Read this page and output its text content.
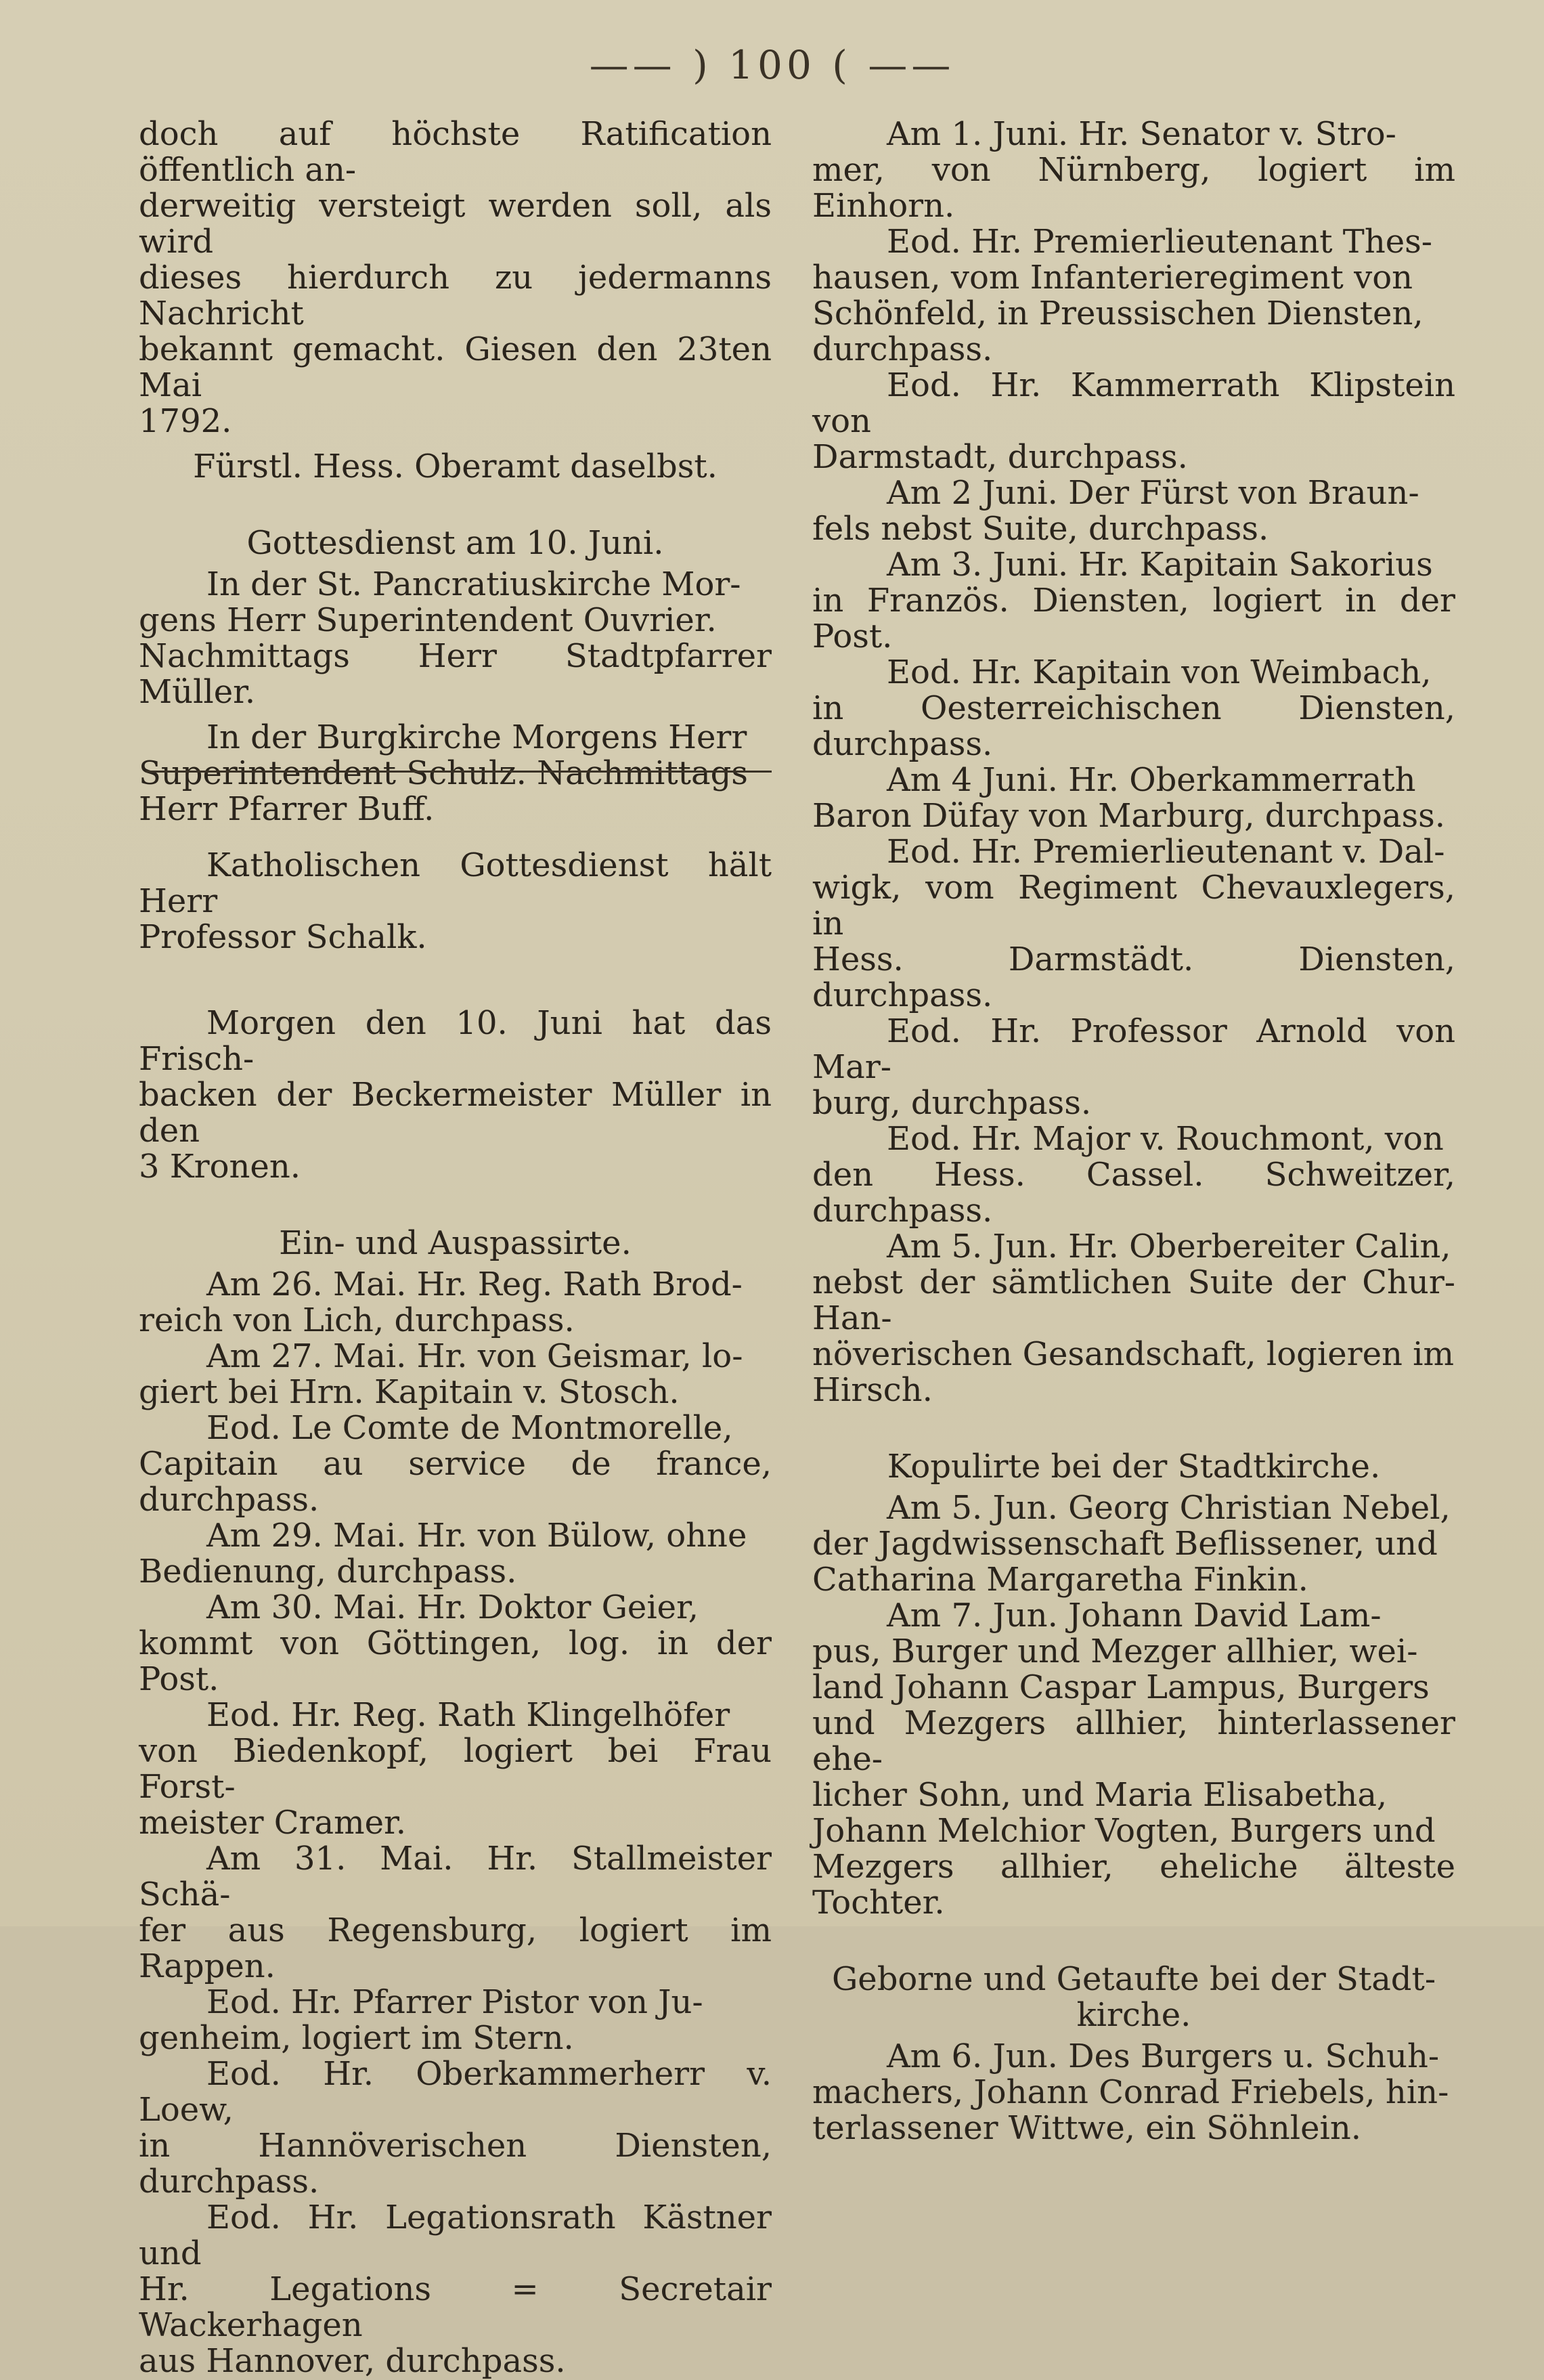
—— ) 100 ( ——

doch auf höchste Ratification öffentlich an-

derweitig versteigt werden soll, als wird

dieses hierdurch zu jedermanns Nachricht

bekannt gemacht. Giesen den 23ten Mai

1792.

Fürstl. Hess. Oberamt daselbst.

Gottesdienst am 10. Juni.

In der St. Pancratiuskirche Mor-

gens Herr Superintendent Ouvrier.

Nachmittags Herr Stadtpfarrer Müller.

In der Burgkirche Morgens Herr

Superintendent Schulz. Nachmittags

Herr Pfarrer Buff.

Katholischen Gottesdienst hält Herr

Professor Schalk.

Morgen den 10. Juni hat das Frisch-

backen der Beckermeister Müller in den

3 Kronen.

Ein- und Auspassirte.

Am 26. Mai. Hr. Reg. Rath Brod-

reich von Lich, durchpass.

Am 27. Mai. Hr. von Geismar, lo-

giert bei Hrn. Kapitain v. Stosch.

Eod. Le Comte de Montmorelle,

Capitain au service de france, durchpass.

Am 29. Mai. Hr. von Bülow, ohne

Bedienung, durchpass.

Am 30. Mai. Hr. Doktor Geier,

kommt von Göttingen, log. in der Post.

Eod. Hr. Reg. Rath Klingelhöfer

von Biedenkopf, logiert bei Frau Forst-

meister Cramer.

Am 31. Mai. Hr. Stallmeister Schä-

fer aus Regensburg, logiert im Rappen.

Eod. Hr. Pfarrer Pistor von Ju-

genheim, logiert im Stern.

Eod. Hr. Oberkammerherr v. Loew,

in Hannöverischen Diensten, durchpass.

Eod. Hr. Legationsrath Kästner und

Hr. Legations = Secretair Wackerhagen

aus Hannover, durchpass.

Am 1. Juni. Hr. Senator v. Stro-

mer, von Nürnberg, logiert im Einhorn.

Eod. Hr. Premierlieutenant Thes-

hausen, vom Infanterieregiment von

Schönfeld, in Preussischen Diensten,

durchpass.

Eod. Hr. Kammerrath Klipstein von

Darmstadt, durchpass.

Am 2 Juni. Der Fürst von Braun-

fels nebst Suite, durchpass.

Am 3. Juni. Hr. Kapitain Sakorius

in Französ. Diensten, logiert in der Post.

Eod. Hr. Kapitain von Weimbach,

in Oesterreichischen Diensten, durchpass.

Am 4 Juni. Hr. Oberkammerrath

Baron Düfay von Marburg, durchpass.

Eod. Hr. Premierlieutenant v. Dal-

wigk, vom Regiment Chevauxlegers, in

Hess. Darmstädt. Diensten, durchpass.

Eod. Hr. Professor Arnold von Mar-

burg, durchpass.

Eod. Hr. Major v. Rouchmont, von

den Hess. Cassel. Schweitzer, durchpass.

Am 5. Jun. Hr. Oberbereiter Calin,

nebst der sämtlichen Suite der Chur-Han-

növerischen Gesandschaft, logieren im

Hirsch.

Kopulirte bei der Stadtkirche.

Am 5. Jun. Georg Christian Nebel,

der Jagdwissenschaft Beflissener, und

Catharina Margaretha Finkin.

Am 7. Jun. Johann David Lam-

pus, Burger und Mezger allhier, wei-

land Johann Caspar Lampus, Burgers

und Mezgers allhier, hinterlassener ehe-

licher Sohn, und Maria Elisabetha,

Johann Melchior Vogten, Burgers und

Mezgers allhier, eheliche älteste Tochter.

Geborne und Getaufte bei der Stadt-

kirche.

Am 6. Jun. Des Burgers u. Schuh-

machers, Johann Conrad Friebels, hin-

terlassener Wittwe, ein Söhnlein.
